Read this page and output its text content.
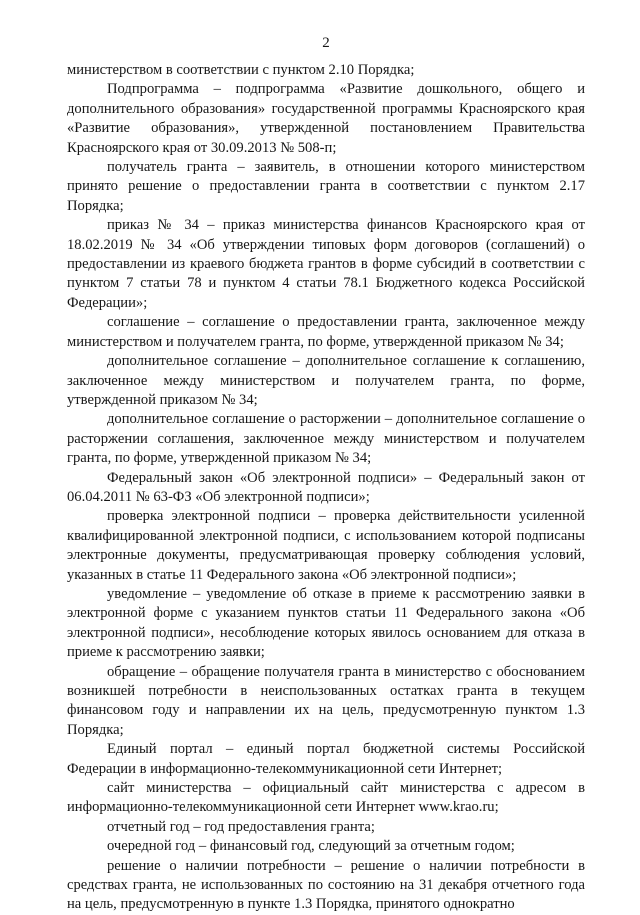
2

министерством в соответствии с пунктом 2.10 Порядка;

Подпрограмма – подпрограмма «Развитие дошкольного, общего и дополнительного образования» государственной программы Красноярского края «Развитие образования», утвержденной постановлением Правительства Красноярского края от 30.09.2013 № 508-п;

получатель гранта – заявитель, в отношении которого министерством принято решение о предоставлении гранта в соответствии с пунктом 2.17 Порядка;

приказ № 34 – приказ министерства финансов Красноярского края от 18.02.2019 № 34 «Об утверждении типовых форм договоров (соглашений) о предоставлении из краевого бюджета грантов в форме субсидий в соответствии с пунктом 7 статьи 78 и пунктом 4 статьи 78.1 Бюджетного кодекса Российской Федерации»;

соглашение – соглашение о предоставлении гранта, заключенное между министерством и получателем гранта, по форме, утвержденной приказом № 34;

дополнительное соглашение – дополнительное соглашение к соглашению, заключенное между министерством и получателем гранта, по форме, утвержденной приказом № 34;

дополнительное соглашение о расторжении – дополнительное соглашение о расторжении соглашения, заключенное между министерством и получателем гранта, по форме, утвержденной приказом № 34;

Федеральный закон «Об электронной подписи» – Федеральный закон от 06.04.2011 № 63-ФЗ «Об электронной подписи»;

проверка электронной подписи – проверка действительности усиленной квалифицированной электронной подписи, с использованием которой подписаны электронные документы, предусматривающая проверку соблюдения условий, указанных в статье 11 Федерального закона «Об электронной подписи»;

уведомление – уведомление об отказе в приеме к рассмотрению заявки в электронной форме с указанием пунктов статьи 11 Федерального закона «Об электронной подписи», несоблюдение которых явилось основанием для отказа в приеме к рассмотрению заявки;

обращение – обращение получателя гранта в министерство с обоснованием возникшей потребности в неиспользованных остатках гранта в текущем финансовом году и направлении их на цель, предусмотренную пунктом 1.3 Порядка;

Единый портал – единый портал бюджетной системы Российской Федерации в информационно-телекоммуникационной сети Интернет;

сайт министерства – официальный сайт министерства с адресом в информационно-телекоммуникационной сети Интернет www.krao.ru;

отчетный год – год предоставления гранта;

очередной год – финансовый год, следующий за отчетным годом;

решение о наличии потребности – решение о наличии потребности в средствах гранта, не использованных по состоянию на 31 декабря отчетного года на цель, предусмотренную в пункте 1.3 Порядка, принятого однократно
